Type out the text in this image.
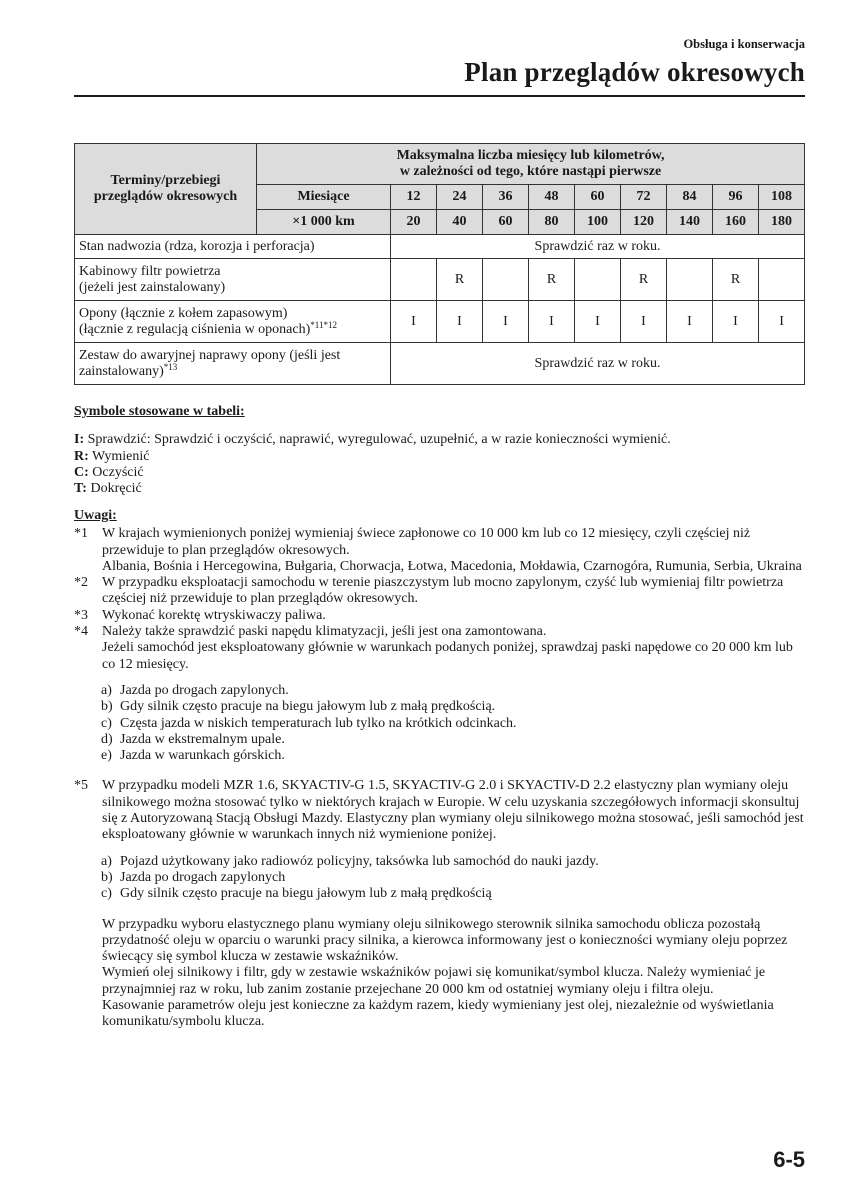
Obsługa i konserwacja
Plan przeglądów okresowych
Terminy/przebiegi przeglądów okresowych	Maksymalna liczba miesięcy lub kilometrów,
w zależności od tego, które nastąpi pierwsze									

	Miesiące	12	24	36	48	60	72	84	96	108
	×1 000 km	20	40	60	80	100	120	140	160	180
Stan nadwozia (rdza, korozja i perforacja)		Sprawdzić raz w roku.								

Kabinowy filtr powietrza
(jeżeli jest zainstalowany)			R		R		R		R	

Opony (łącznie z kołem zapasowym)
(łącznie z regulacją ciśnienia w oponach)$^{*11*12}$		I	I	I	I	I	I	I	I	I

Zestaw do awaryjnej naprawy opony (jeśli jest
zainstalowany)$^{*13}$		Sprawdzić raz w roku.								
Symbole stosowane w tabeli:
I: Sprawdzić: Sprawdzić i oczyścić, naprawić, wyregulować, uzupełnić, a w razie konieczności wymienić.
R: Wymienić
C: Oczyścić
T: Dokręcić
Uwagi:
*1 W krajach wymienionych poniżej wymieniaj świece zapłonowe co 10 000 km lub co 12 miesięcy, czyli częściej niż przewiduje to plan przeglądów okresowych.
Albania, Bośnia i Hercegowina, Bułgaria, Chorwacja, Łotwa, Macedonia, Mołdawia, Czarnogóra, Rumunia, Serbia, Ukraina
*2 W przypadku eksploatacji samochodu w terenie piaszczystym lub mocno zapylonym, czyść lub wymieniaj filtr powietrza częściej niż przewiduje to plan przeglądów okresowych.
*3 Wykonać korektę wtryskiwaczy paliwa.
*4 Należy także sprawdzić paski napędu klimatyzacji, jeśli jest ona zamontowana.
Jeżeli samochód jest eksploatowany głównie w warunkach podanych poniżej, sprawdzaj paski napędowe co 20 000 km lub co 12 miesięcy.
a) Jazda po drogach zapylonych.
b) Gdy silnik często pracuje na biegu jałowym lub z małą prędkością.
c) Częsta jazda w niskich temperaturach lub tylko na krótkich odcinkach.
d) Jazda w ekstremalnym upale.
e) Jazda w warunkach górskich.
*5 W przypadku modeli MZR 1.6, SKYACTIV-G 1.5, SKYACTIV-G 2.0 i SKYACTIV-D 2.2 elastyczny plan wymiany oleju silnikowego można stosować tylko w niektórych krajach w Europie. W celu uzyskania szczegółowych informacji skonsultuj się z Autoryzowaną Stacją Obsługi Mazdy. Elastyczny plan wymiany oleju silnikowego można stosować, jeśli samochód jest eksploatowany głównie w warunkach innych niż wymienione poniżej.
a) Pojazd użytkowany jako radiowóz policyjny, taksówka lub samochód do nauki jazdy.
b) Jazda po drogach zapylonych
c) Gdy silnik często pracuje na biegu jałowym lub z małą prędkością
W przypadku wyboru elastycznego planu wymiany oleju silnikowego sterownik silnika samochodu oblicza pozostałą przydatność oleju w oparciu o warunki pracy silnika, a kierowca informowany jest o konieczności wymiany oleju poprzez świecący się symbol klucza w zestawie wskaźników.
Wymień olej silnikowy i filtr, gdy w zestawie wskaźników pojawi się komunikat/symbol klucza. Należy wymieniać je przynajmniej raz w roku, lub zanim zostanie przejechane 20 000 km od ostatniej wymiany oleju i filtra oleju.
Kasowanie parametrów oleju jest konieczne za każdym razem, kiedy wymieniany jest olej, niezależnie od wyświetlania komunikatu/symbolu klucza.
6-5
